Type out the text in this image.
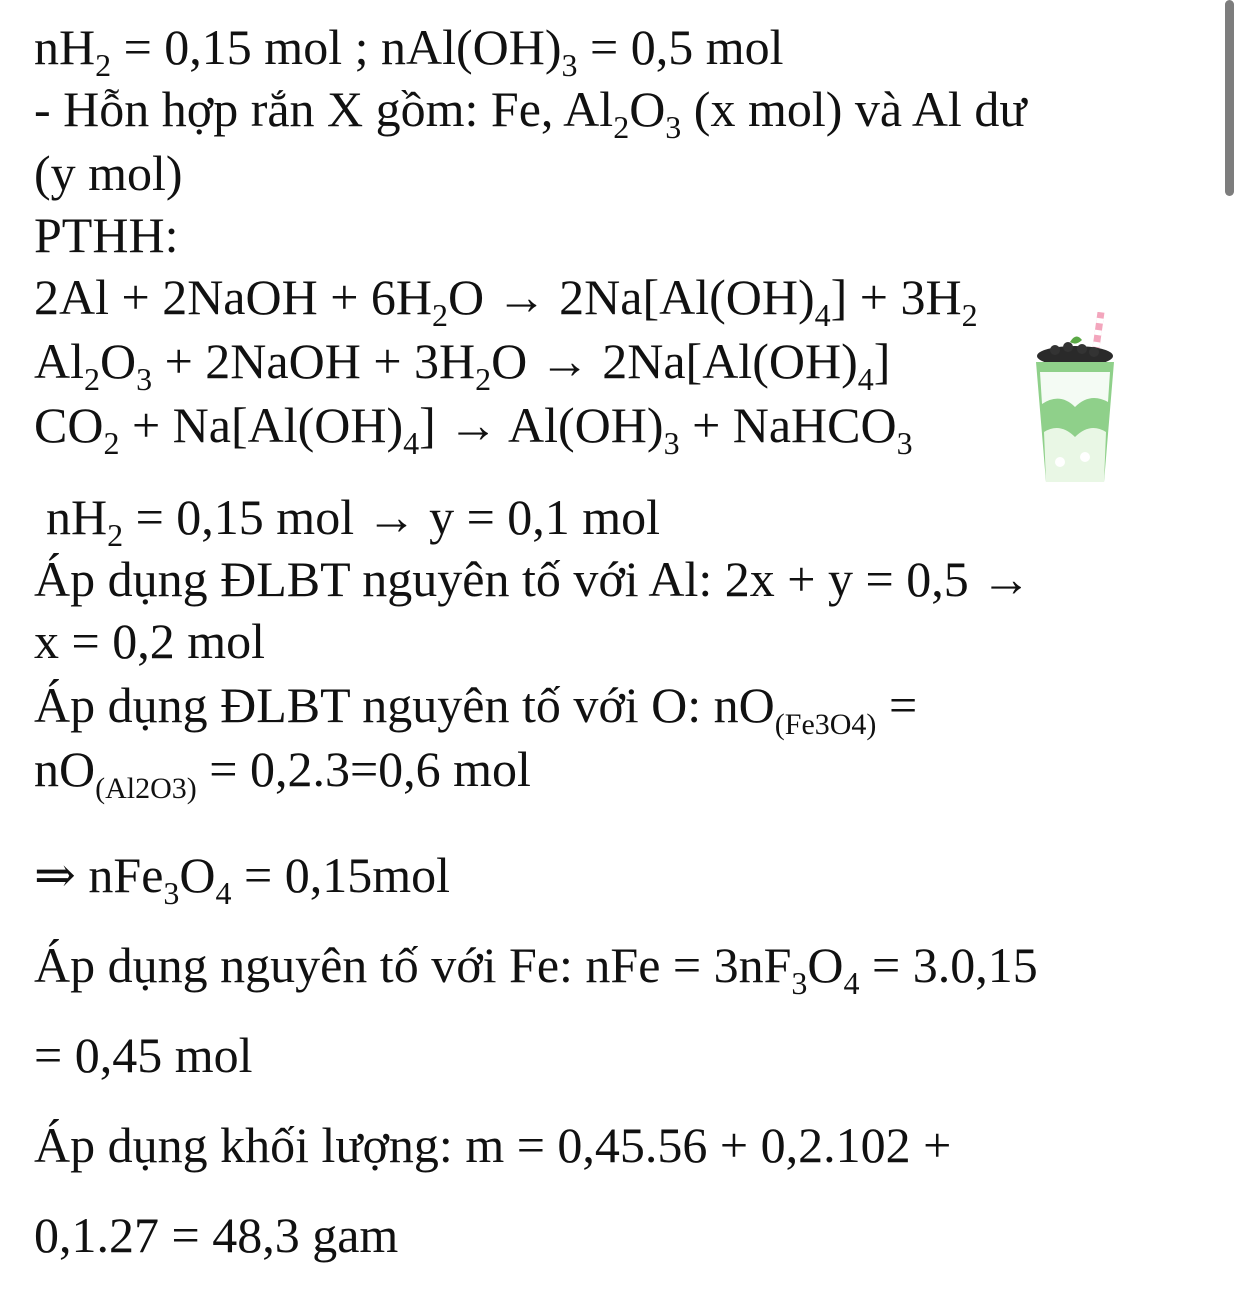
$nH_2 = 0,15$ mol ; $nAl(OH)_3 = 0,5$ mol
- Hỗn hợp rắn X gồm: Fe, $Al_2O_3$ (x mol) và Al dư
(y mol)
PTHH:
2Al + 2NaOH + $6H_2O \to 2Na[Al(OH)_4] + 3H_2$
$Al_2O_3$ + 2NaOH + $3H_2O \to 2Na[Al(OH)_4]$
$CO_2 + Na[Al(OH)_4] \to Al(OH)_3$ + NaHCO$_3$
$nH_2 = 0,15$ mol → y = 0,1 mol
Áp dụng ĐLBT nguyên tố với Al: 2x + y = 0,5 →
x = 0,2 mol
Áp dụng ĐLBT nguyên tố với O: $nO_{(Fe3O4)}$ =
$nO_{(Al2O3)} = 0,2.3=0,6$ mol
⇒ $nFe_3O_4 = 0,15mol$
Áp dụng nguyên tố với Fe: nFe = $3nF_3O_4 = 3.0,15$
= 0,45 mol
Áp dụng khối lượng: m = 0,45.56 + 0,2.102 +
0,1.27 = 48,3 gam
